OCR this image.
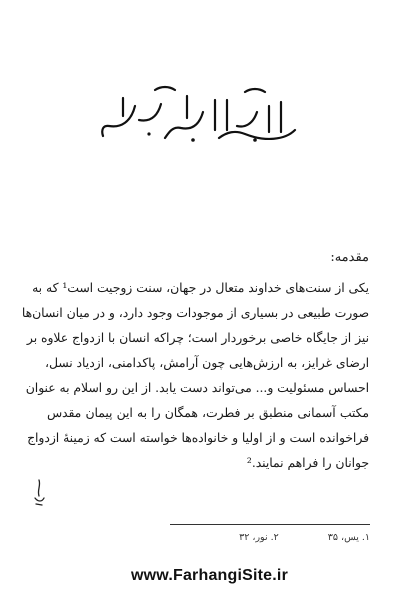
مقدمه:
یکی از سنت‌های خداوند متعال در جهان، سنت زوجیت است¹ که به
صورت طبیعی در بسیاری از موجودات وجود دارد، و در میان انسان‌ها
نیز از جایگاه خاصی برخوردار است؛ چراکه انسان با ازدواج علاوه بر
ارضای غرایز، به ارزش‌هایی چون آرامش، پاکدامنی، ازدیاد نسل،
احساس مسئولیت و... می‌تواند دست یابد. از این رو اسلام به عنوان
مکتب آسمانی منطبق بر فطرت، همگان را به این پیمان مقدس
فراخوانده است و از اولیا و خانواده‌ها خواسته است که زمینهٔ ازدواج
جوانان را فراهم نمایند.²
۱. یس، ۳۵ ۲. نور، ۳۲
www.FarhangiSite.ir
